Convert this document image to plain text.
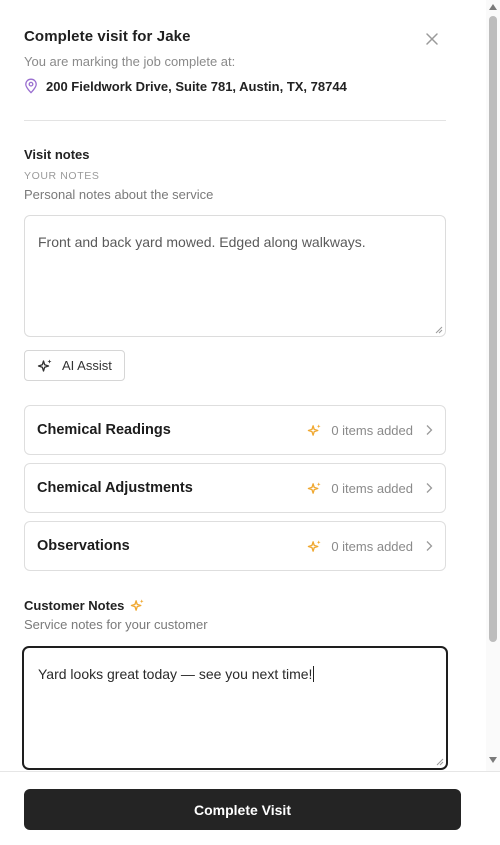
Complete visit for Jake
You are marking the job complete at:
200 Fieldwork Drive, Suite 781, Austin, TX, 78744
Visit notes
YOUR NOTES
Personal notes about the service
Front and back yard mowed. Edged along walkways.
AI Assist
Chemical Readings	0 items added
Chemical Adjustments	0 items added
Observations	0 items added
Customer Notes
Service notes for your customer
Yard looks great today — see you next time!
Complete Visit
